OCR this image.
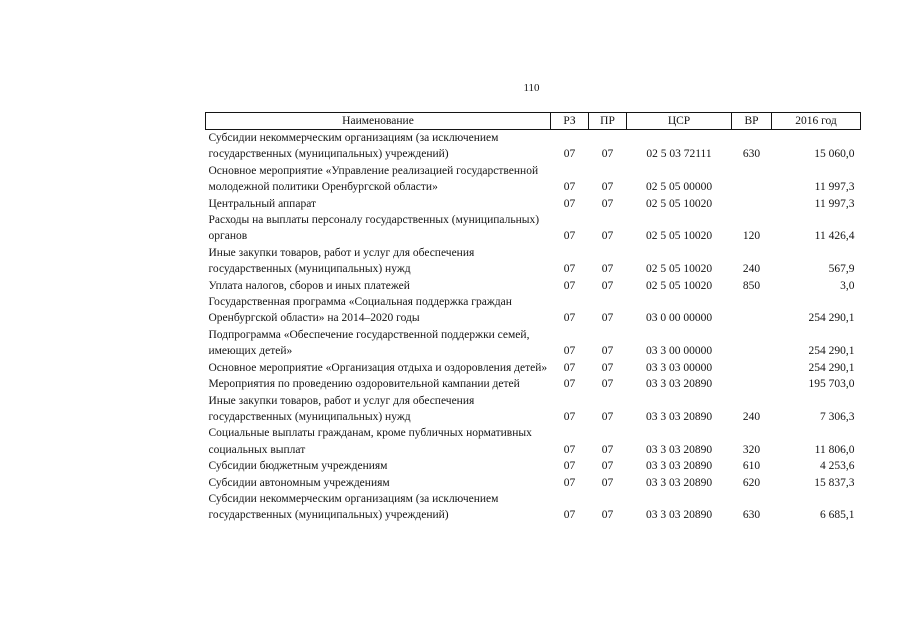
110
Наименование	РЗ	ПР	ЦСР	ВР	2016 год
Субсидии некоммерческим организациям (за исключением государственных (муниципальных) учреждений)	07	07	02 5 03 72111	630	15 060,0
Основное мероприятие «Управление реализацией государственной молодежной политики Оренбургской области»	07	07	02 5 05 00000		11 997,3
Центральный аппарат	07	07	02 5 05 10020		11 997,3
Расходы на выплаты персоналу государственных (муниципальных) органов	07	07	02 5 05 10020	120	11 426,4
Иные закупки товаров, работ и услуг для обеспечения государственных (муниципальных) нужд	07	07	02 5 05 10020	240	567,9
Уплата налогов, сборов и иных платежей	07	07	02 5 05 10020	850	3,0
Государственная программа «Социальная поддержка граждан Оренбургской области» на 2014–2020 годы	07	07	03 0 00 00000		254 290,1
Подпрограмма «Обеспечение государственной поддержки семей, имеющих детей»	07	07	03 3 00 00000		254 290,1
Основное мероприятие «Организация отдыха и оздоровления детей»	07	07	03 3 03 00000		254 290,1
Мероприятия по проведению оздоровительной кампании детей	07	07	03 3 03 20890		195 703,0
Иные закупки товаров, работ и услуг для обеспечения государственных (муниципальных) нужд	07	07	03 3 03 20890	240	7 306,3
Социальные выплаты гражданам, кроме публичных нормативных социальных выплат	07	07	03 3 03 20890	320	11 806,0
Субсидии бюджетным учреждениям	07	07	03 3 03 20890	610	4 253,6
Субсидии автономным учреждениям	07	07	03 3 03 20890	620	15 837,3
Субсидии некоммерческим организациям (за исключением государственных (муниципальных) учреждений)	07	07	03 3 03 20890	630	6 685,1
